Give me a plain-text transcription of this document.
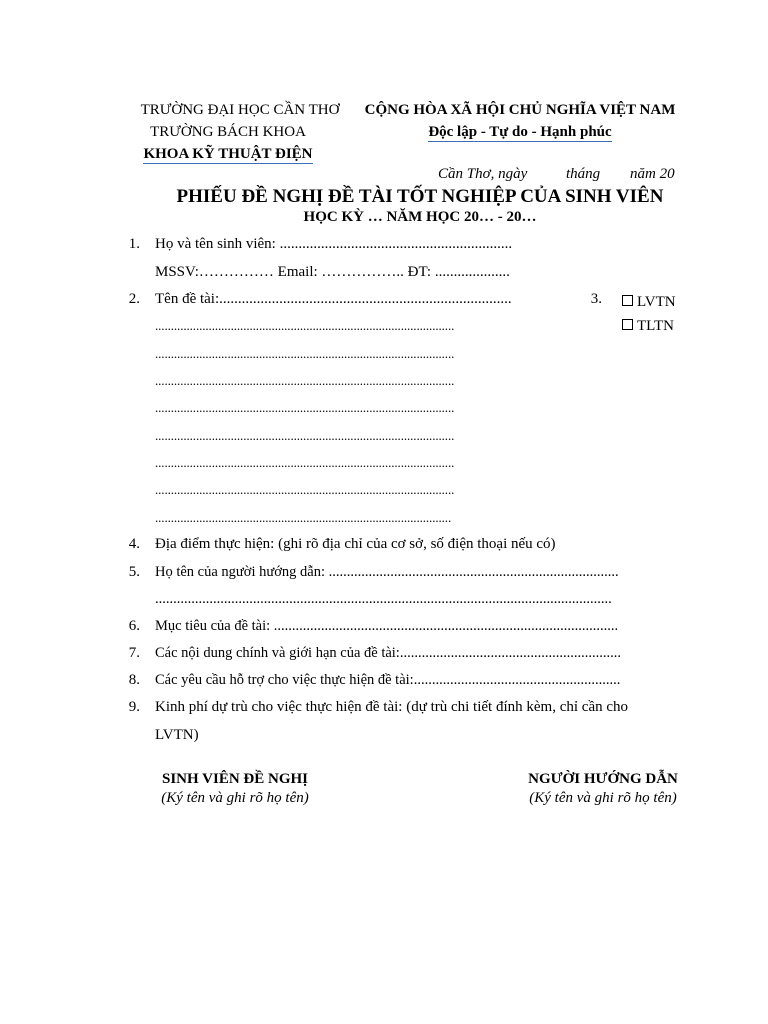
TRƯỜNG ĐẠI HỌC CẦN THƠ
TRƯỜNG BÁCH KHOA
KHOA KỸ THUẬT ĐIỆN
CỘNG HÒA XÃ HỘI CHỦ NGHĨA VIỆT NAM
Độc lập - Tự do - Hạnh phúc
Cần Thơ, ngày	tháng năm 20
PHIẾU ĐỀ NGHỊ ĐỀ TÀI TỐT NGHIỆP CỦA SINH VIÊN
HỌC KỲ … NĂM HỌC 20… - 20…
1. Họ và tên sinh viên: ..............................................................
MSSV:…………… Email: …………….. ĐT: ....................
2. Tên đề tài:..............................................................................
...............................................................................................
...............................................................................................
...............................................................................................
...............................................................................................
...............................................................................................
...............................................................................................
...............................................................................................
..............................................................................................
3.	LVTN
TLTN
4. Địa điểm thực hiện: (ghi rõ địa chỉ của cơ sở, số điện thoại nếu có)
5. Họ tên của người hướng dẫn: ................................................................................
..............................................................................................................................
6. Mục tiêu của đề tài: ...............................................................................................
7. Các nội dung chính và giới hạn của đề tài:.............................................................
8. Các yêu cầu hỗ trợ cho việc thực hiện đề tài:.........................................................
9. Kinh phí dự trù cho việc thực hiện đề tài: (dự trù chi tiết đính kèm, chỉ cần cho
LVTN)
SINH VIÊN ĐỀ NGHỊ
(Ký tên và ghi rõ họ tên)
NGƯỜI HƯỚNG DẪN
(Ký tên và ghi rõ họ tên)
